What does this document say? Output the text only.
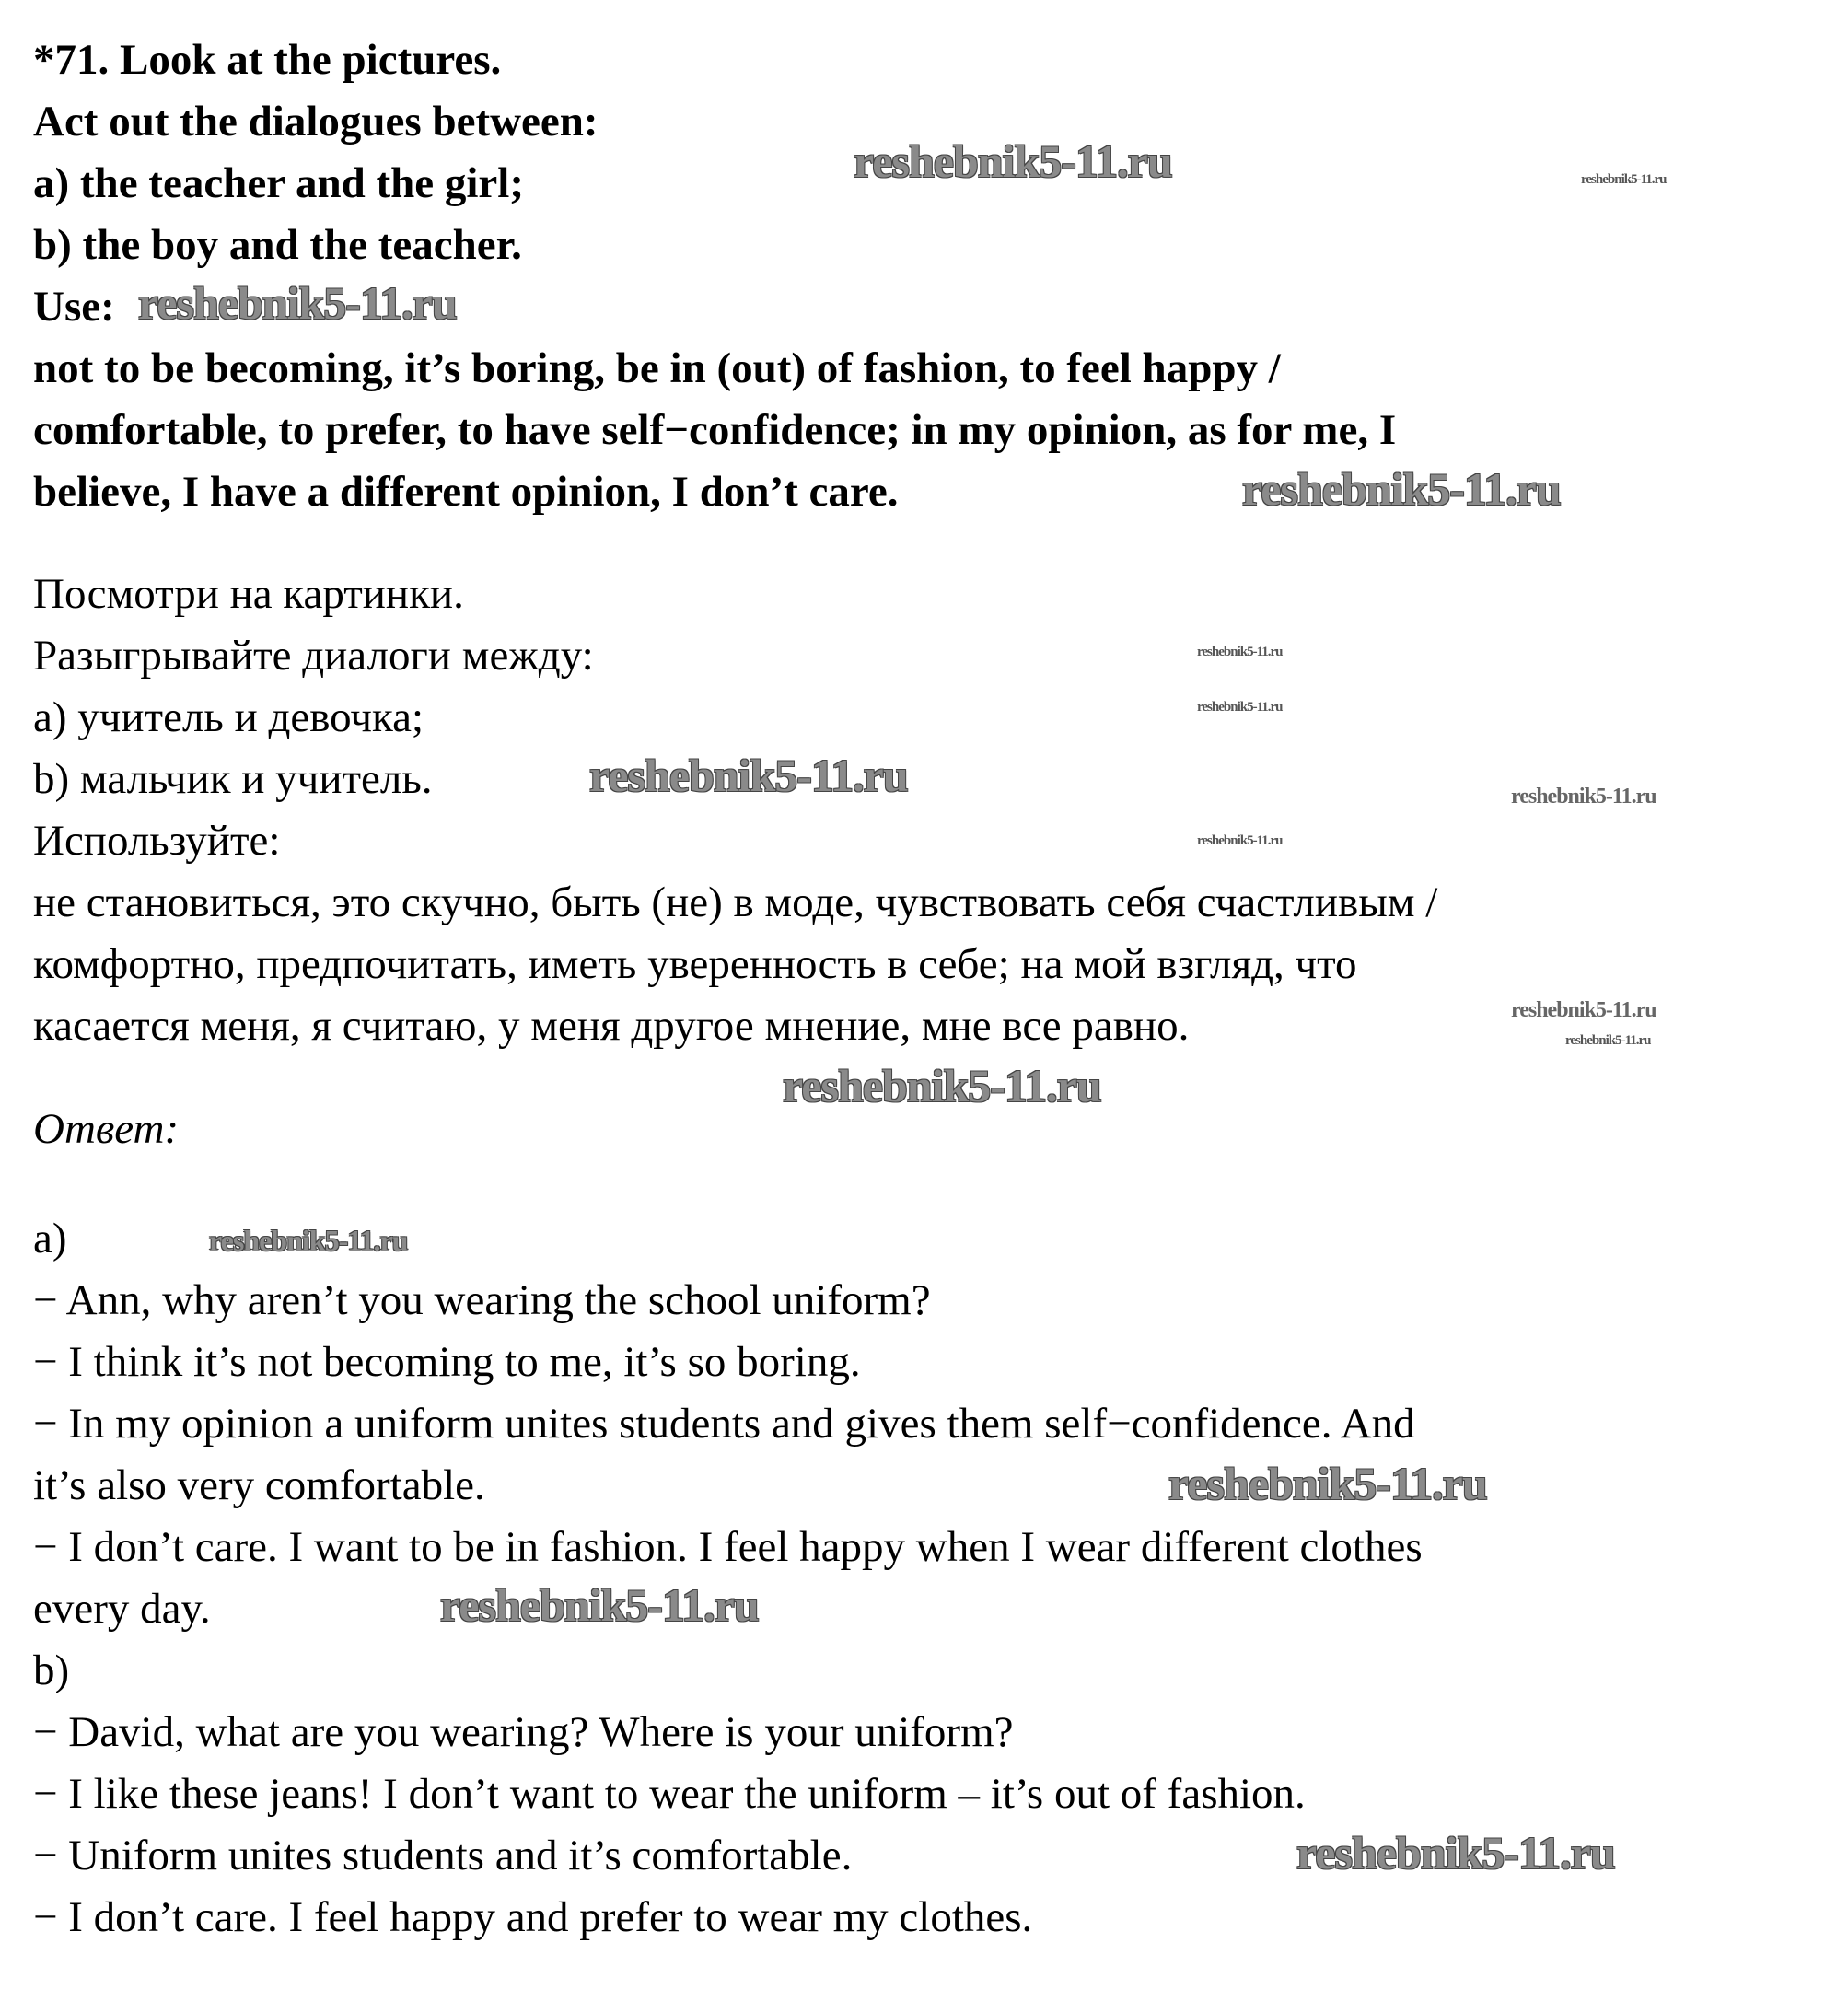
*71. Look at the pictures.
Act out the dialogues between:
a) the teacher and the girl;
b) the boy and the teacher.
Use:
not to be becoming, it’s boring, be in (out) of fashion, to feel happy /
comfortable, to prefer, to have self−confidence; in my opinion, as for me, I
believe, I have a different opinion, I don’t care.
Посмотри на картинки.
Разыгрывайте диалоги между:
a) учитель и девочка;
b) мальчик и учитель.
Используйте:
не становиться, это скучно, быть (не) в моде, чувствовать себя счастливым /
комфортно, предпочитать, иметь уверенность в себе; на мой взгляд, что
касается меня, я считаю, у меня другое мнение, мне все равно.
Ответ:
a)
− Ann, why aren’t you wearing the school uniform?
− I think it’s not becoming to me, it’s so boring.
− In my opinion a uniform unites students and gives them self−confidence. And
it’s also very comfortable.
− I don’t care. I want to be in fashion. I feel happy when I wear different clothes
every day.
b)
− David, what are you wearing? Where is your uniform?
− I like these jeans! I don’t want to wear the uniform – it’s out of fashion.
− Uniform unites students and it’s comfortable.
− I don’t care. I feel happy and prefer to wear my clothes.
reshebnik5-11.ru	reshebnik5-11.ru
reshebnik5-11.ru
reshebnik5-11.ru
reshebnik5-11.ru
reshebnik5-11.ru
reshebnik5-11.ru
reshebnik5-11.ru
reshebnik5-11.ru
reshebnik5-11.ru
reshebnik5-11.ru
reshebnik5-11.ru
reshebnik5-11.ru
reshebnik5-11.ru
reshebnik5-11.ru
reshebnik5-11.ru
